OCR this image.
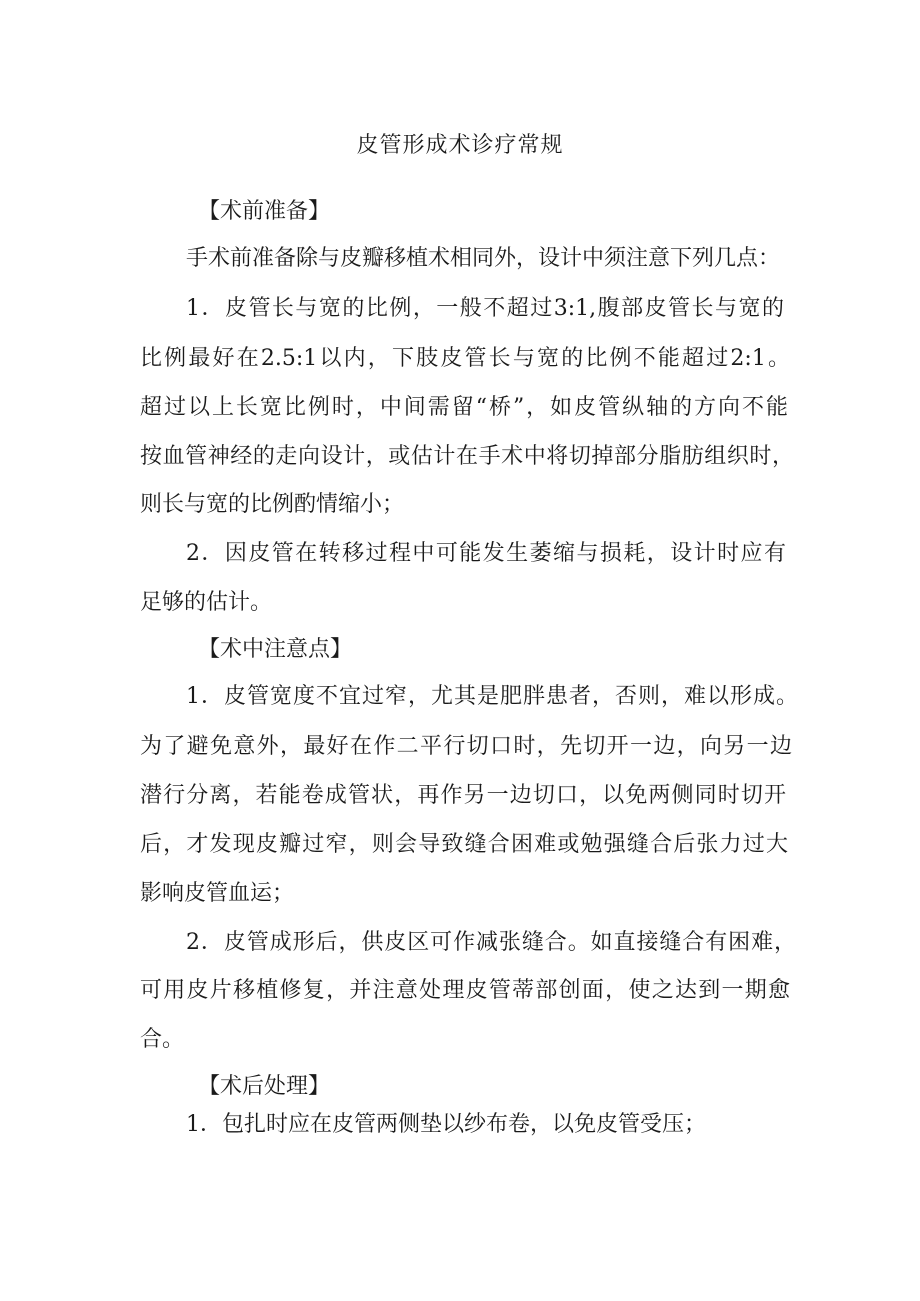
皮管形成术诊疗常规
【术前准备】
手术前准备除与皮瓣移植术相同外，设计中须注意下列几点：
1．皮管长与宽的比例，一般不超过3:1,腹部皮管长与宽的
比例最好在2.5:1以内，下肢皮管长与宽的比例不能超过2:1。
超过以上长宽比例时，中间需留“桥”，如皮管纵轴的方向不能
按血管神经的走向设计，或估计在手术中将切掉部分脂肪组织时，
则长与宽的比例酌情缩小；
2．因皮管在转移过程中可能发生萎缩与损耗，设计时应有
足够的估计。
【术中注意点】
1．皮管宽度不宜过窄，尤其是肥胖患者，否则，难以形成。
为了避免意外，最好在作二平行切口时，先切开一边，向另一边
潜行分离，若能卷成管状，再作另一边切口，以免两侧同时切开
后，才发现皮瓣过窄，则会导致缝合困难或勉强缝合后张力过大
影响皮管血运；
2．皮管成形后，供皮区可作减张缝合。如直接缝合有困难，
可用皮片移植修复，并注意处理皮管蒂部创面，使之达到一期愈
合。
【术后处理】
1．包扎时应在皮管两侧垫以纱布卷，以免皮管受压；
